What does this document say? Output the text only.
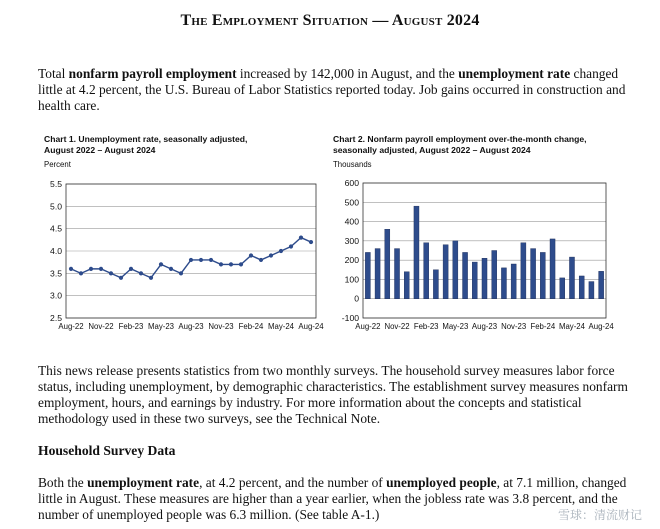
The Employment Situation — August 2024

Total nonfarm payroll employment increased by 142,000 in August, and the unemployment rate changed little at 4.2 percent, the U.S. Bureau of Labor Statistics reported today. Job gains occurred in construction and health care.

Chart 1. Unemployment rate, seasonally adjusted,
August 2022 – August 2024
Percent
2.5
3.0
3.5
4.0
4.5
5.0
5.5
Aug-22 Nov-22 Feb-23 May-23 Aug-23 Nov-23 Feb-24 May-24 Aug-24
Chart 2. Nonfarm payroll employment over-the-month change,
seasonally adjusted, August 2022 – August 2024
Thousands
-100
0
100
200
300
400
500
600
Aug-22 Nov-22 Feb-23 May-23 Aug-23 Nov-23 Feb-24 May-24 Aug-24

This news release presents statistics from two monthly surveys. The household survey measures labor force status, including unemployment, by demographic characteristics. The establishment survey measures nonfarm employment, hours, and earnings by industry. For more information about the concepts and statistical methodology used in these two surveys, see the Technical Note.

Household Survey Data

Both the unemployment rate, at 4.2 percent, and the number of unemployed people, at 7.1 million, changed little in August. These measures are higher than a year earlier, when the jobless rate was 3.8 percent, and the number of unemployed people was 6.3 million. (See table A-1.)	雪球：清流财记
